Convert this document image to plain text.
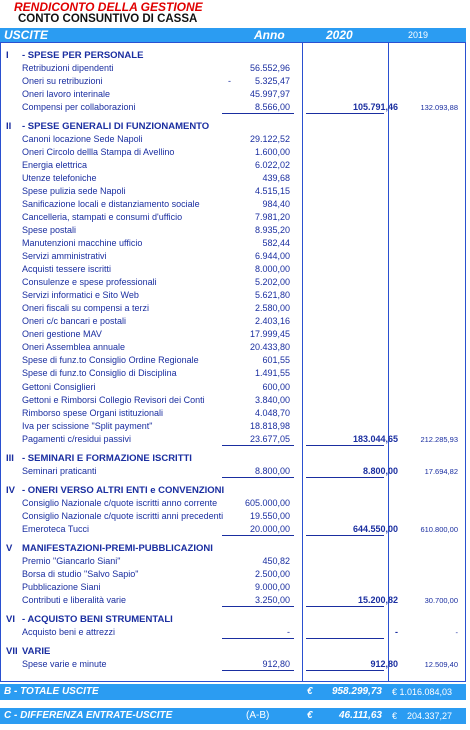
RENDICONTO DELLA GESTIONE
CONTO CONSUNTIVO DI CASSA
USCITE	Anno	2020	2019
I - SPESE PER PERSONALE
Retribuzioni dipendenti	56.552,96
Oneri su retribuzioni	-	5.325,47
Oneri lavoro interinale	45.997,97
Compensi per collaborazioni	8.566,00	105.791,46	132.093,88
II - SPESE GENERALI DI FUNZIONAMENTO
Canoni locazione Sede Napoli	29.122,52
Oneri Circolo dellla Stampa di Avellino	1.600,00
Energia elettrica	6.022,02
Utenze telefoniche	439,68
Spese pulizia sede Napoli	4.515,15
Sanificazione locali e distanziamento sociale	984,40
Cancelleria, stampati e consumi d'ufficio	7.981,20
Spese postali	8.935,20
Manutenzioni macchine ufficio	582,44
Servizi amministrativi	6.944,00
Acquisti tessere iscritti	8.000,00
Consulenze e spese professionali	5.202,00
Servizi informatici e Sito Web	5.621,80
Oneri fiscali su compensi a terzi	2.580,00
Oneri c/c bancari e postali	2.403,16
Oneri gestione MAV	17.999,45
Oneri Assemblea annuale	20.433,80
Spese di funz.to Consiglio Ordine Regionale	601,55
Spese di funz.to Consiglio di Disciplina	1.491,55
Gettoni Consiglieri	600,00
Gettoni e Rimborsi Collegio Revisori dei Conti	3.840,00
Rimborso spese Organi istituzionali	4.048,70
Iva per scissione "Split payment"	18.818,98
Pagamenti c/residui passivi	23.677,05	183.044,65	212.285,93
III - SEMINARI E FORMAZIONE ISCRITTI
Seminari praticanti	8.800,00	8.800,00	17.694,82
IV - ONERI VERSO ALTRI ENTI e CONVENZIONI
Consiglio Nazionale c/quote iscritti anno corrente	605.000,00
Consiglio Nazionale c/quote iscritti anni precedenti	19.550,00
Emeroteca Tucci	20.000,00	644.550,00	610.800,00
V MANIFESTAZIONI-PREMI-PUBBLICAZIONI
Premio "Giancarlo Siani"	450,82
Borsa di studio "Salvo Sapio"	2.500,00
Pubblicazione Siani	9.000,00
Contributi e liberalità varie	3.250,00	15.200,82	30.700,00
VI - ACQUISTO BENI STRUMENTALI
Acquisto beni e attrezzi	-	-	-
VII VARIE
Spese varie e minute	912,80	912,80	12.509,40
B - TOTALE USCITE	€ 958.299,73 € 1.016.084,03
C - DIFFERENZA ENTRATE-USCITE	(A-B)	€	46.111,63 €    204.337,27
